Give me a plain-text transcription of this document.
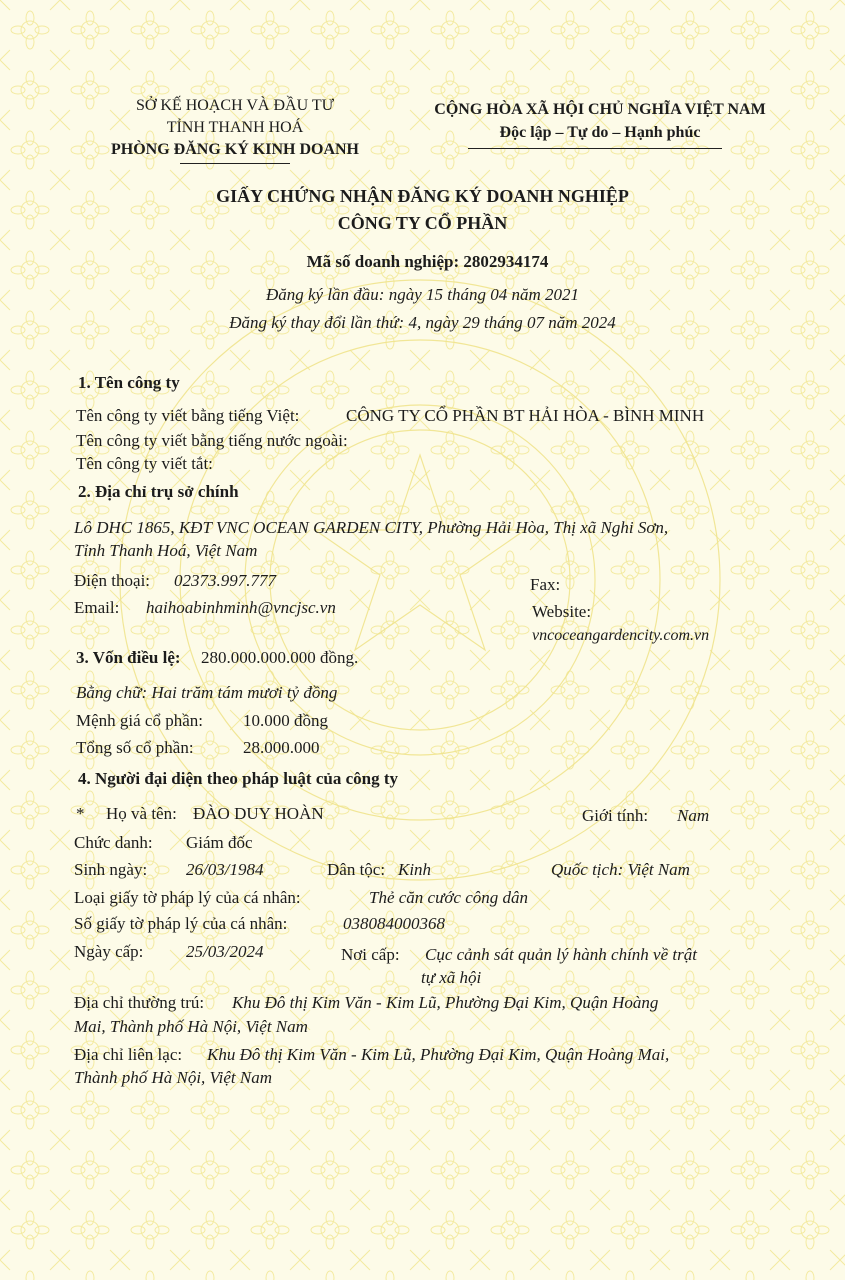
SỞ KẾ HOẠCH VÀ ĐẦU TƯ
TỈNH THANH HOÁ
PHÒNG ĐĂNG KÝ KINH DOANH
CỘNG HÒA XÃ HỘI CHỦ NGHĨA VIỆT NAM
Độc lập – Tự do – Hạnh phúc
GIẤY CHỨNG NHẬN ĐĂNG KÝ DOANH NGHIỆP
CÔNG TY CỔ PHẦN
Mã số doanh nghiệp: 2802934174
Đăng ký lần đầu: ngày 15 tháng 04 năm 2021
Đăng ký thay đổi lần thứ: 4, ngày 29 tháng 07 năm 2024
1. Tên công ty
Tên công ty viết bằng tiếng Việt:	CÔNG TY CỔ PHẦN BT HẢI HÒA - BÌNH MINH
Tên công ty viết bằng tiếng nước ngoài:
Tên công ty viết tắt:
2. Địa chỉ trụ sở chính
Lô DHC 1865, KĐT VNC OCEAN GARDEN CITY, Phường Hải Hòa, Thị xã Nghi Sơn,
Tỉnh Thanh Hoá, Việt Nam
Điện thoại: 02373.997.777	Fax:
Email: haihoabinhminh@vncjsc.vn	Website:
vncoceangardencity.com.vn
3. Vốn điều lệ: 280.000.000.000 đồng.
Bằng chữ: Hai trăm tám mươi tỷ đồng
Mệnh giá cổ phần: 10.000 đồng
Tổng số cổ phần:	28.000.000
4. Người đại diện theo pháp luật của công ty
* Họ và tên: ĐÀO DUY HOÀN	Giới tính: Nam
Chức danh: Giám đốc
Sinh ngày: 26/03/1984	Dân tộc: Kinh	Quốc tịch: Việt Nam
Loại giấy tờ pháp lý của cá nhân:	Thẻ căn cước công dân
Số giấy tờ pháp lý của cá nhân:	038084000368
Ngày cấp:	25/03/2024	Nơi cấp: Cục cảnh sát quản lý hành chính về trật
tự xã hội
Địa chỉ thường trú: Khu Đô thị Kim Văn - Kim Lũ, Phường Đại Kim, Quận Hoàng
Mai, Thành phố Hà Nội, Việt Nam
Địa chỉ liên lạc: Khu Đô thị Kim Văn - Kim Lũ, Phường Đại Kim, Quận Hoàng Mai,
Thành phố Hà Nội, Việt Nam
